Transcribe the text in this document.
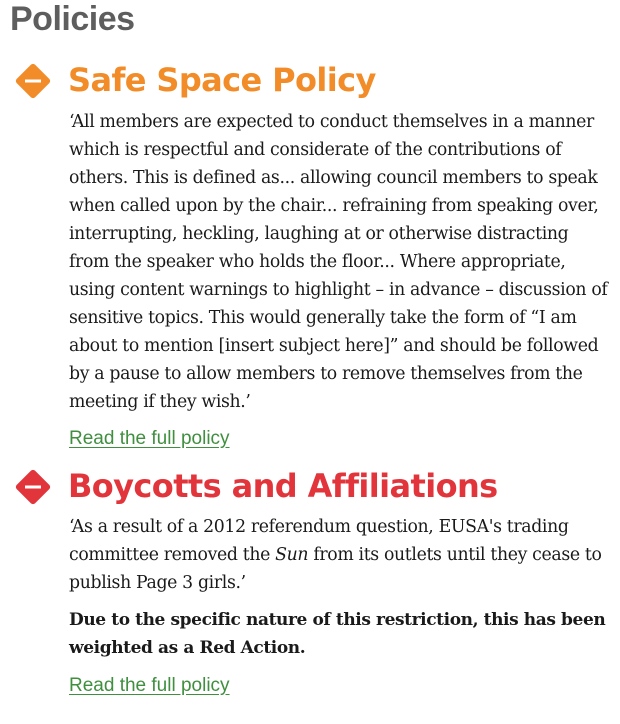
Policies
Safe Space Policy

‘All members are expected to conduct themselves in a manner which is respectful and considerate of the contributions of others. This is defined as... allowing council members to speak when called upon by the chair... refraining from speaking over, interrupting, heckling, laughing at or otherwise distracting from the speaker who holds the floor... Where appropriate, using content warnings to highlight – in advance – discussion of sensitive topics. This would generally take the form of “I am about to mention [insert subject here]” and should be followed by a pause to allow members to remove themselves from the meeting if they wish.’

Read the full policy
Boycotts and Affiliations

‘As a result of a 2012 referendum question, EUSA's trading committee removed the Sun from its outlets until they cease to publish Page 3 girls.’

Due to the specific nature of this restriction, this has been weighted as a Red Action.

Read the full policy
